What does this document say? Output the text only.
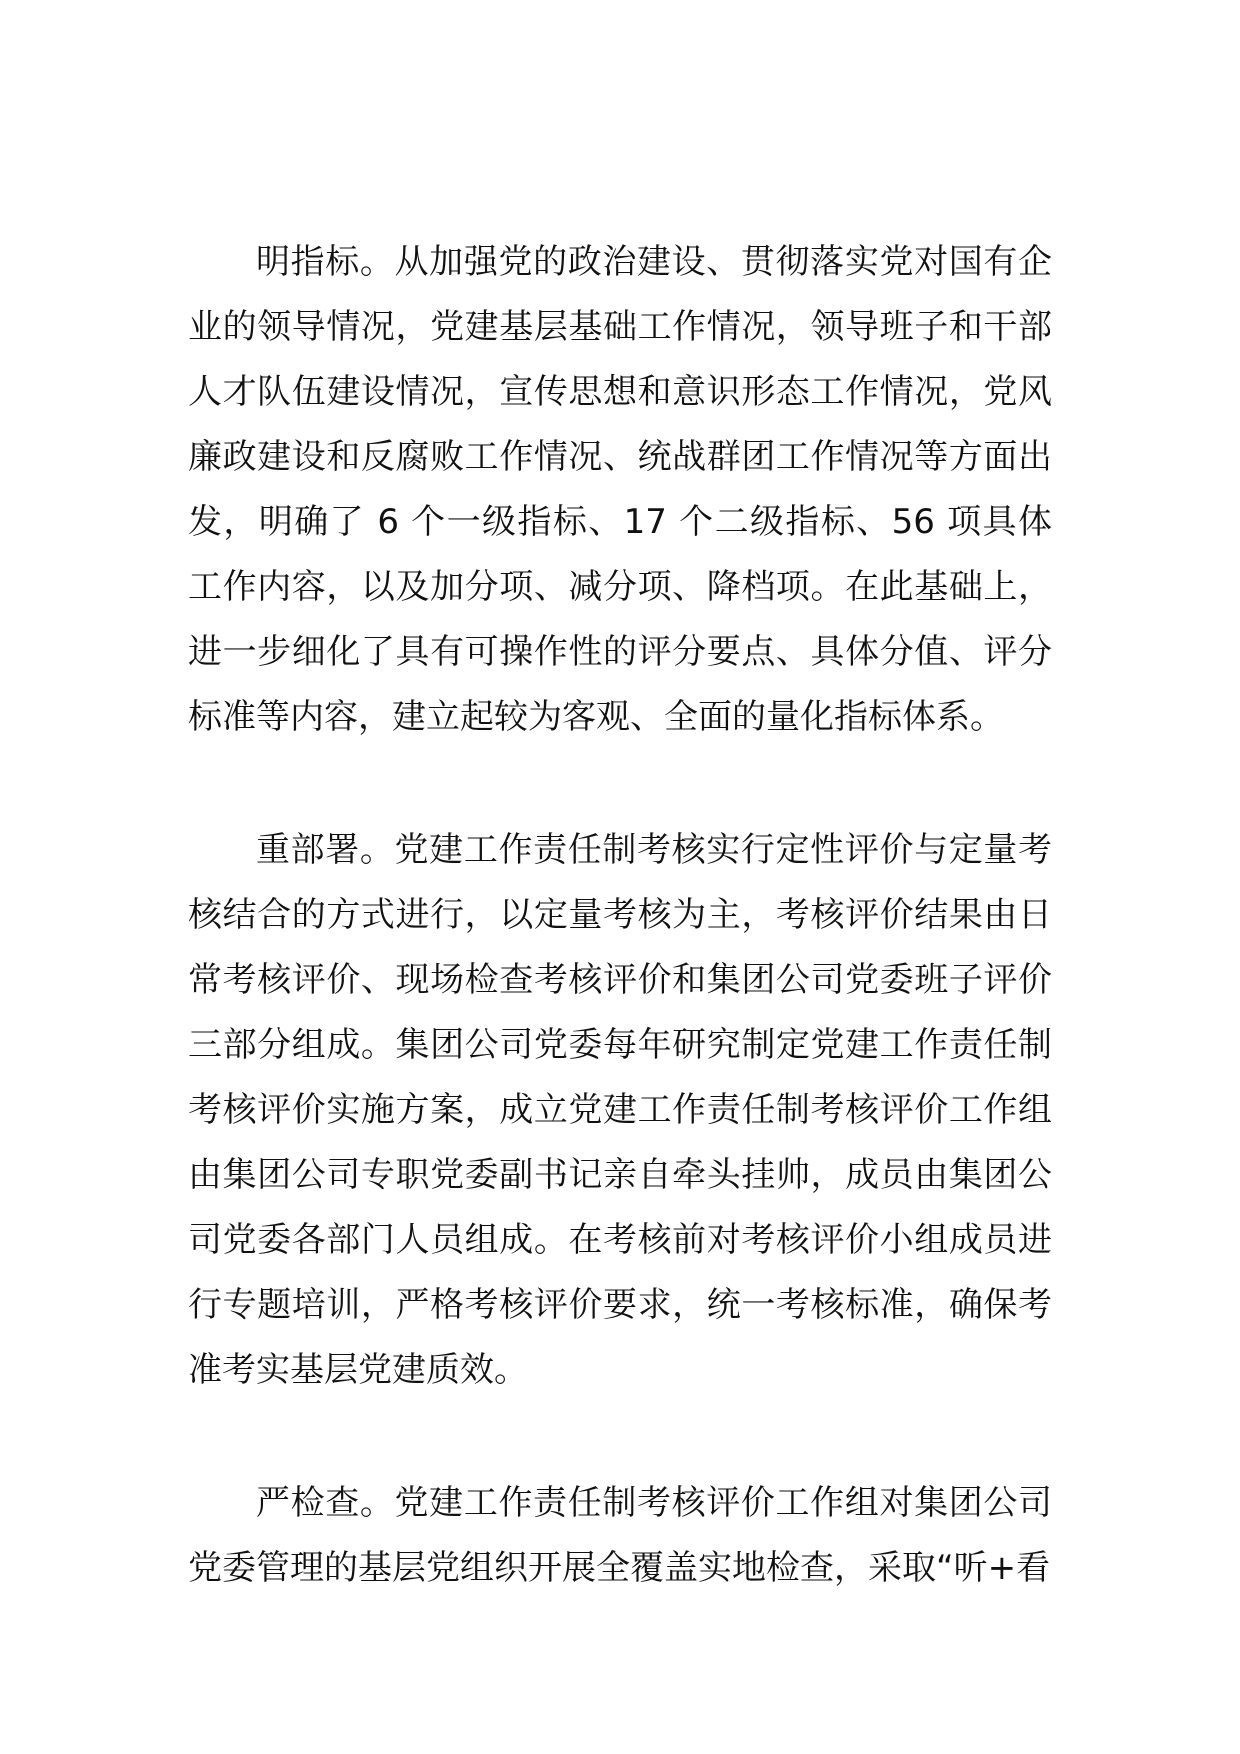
明指标。从加强党的政治建设、贯彻落实党对国有企业的领导情况，党建基层基础工作情况，领导班子和干部人才队伍建设情况，宣传思想和意识形态工作情况，党风廉政建设和反腐败工作情况、统战群团工作情况等方面出发，明确了 6 个一级指标、17 个二级指标、56 项具体工作内容，以及加分项、减分项、降档项。在此基础上，进一步细化了具有可操作性的评分要点、具体分值、评分标准等内容，建立起较为客观、全面的量化指标体系。

重部署。党建工作责任制考核实行定性评价与定量考核结合的方式进行，以定量考核为主，考核评价结果由日常考核评价、现场检查考核评价和集团公司党委班子评价三部分组成。集团公司党委每年研究制定党建工作责任制考核评价实施方案，成立党建工作责任制考核评价工作组由集团公司专职党委副书记亲自牵头挂帅，成员由集团公司党委各部门人员组成。在考核前对考核评价小组成员进行专题培训，严格考核评价要求，统一考核标准，确保考准考实基层党建质效。

严检查。党建工作责任制考核评价工作组对集团公司党委管理的基层党组织开展全覆盖实地检查，采取“听+看
